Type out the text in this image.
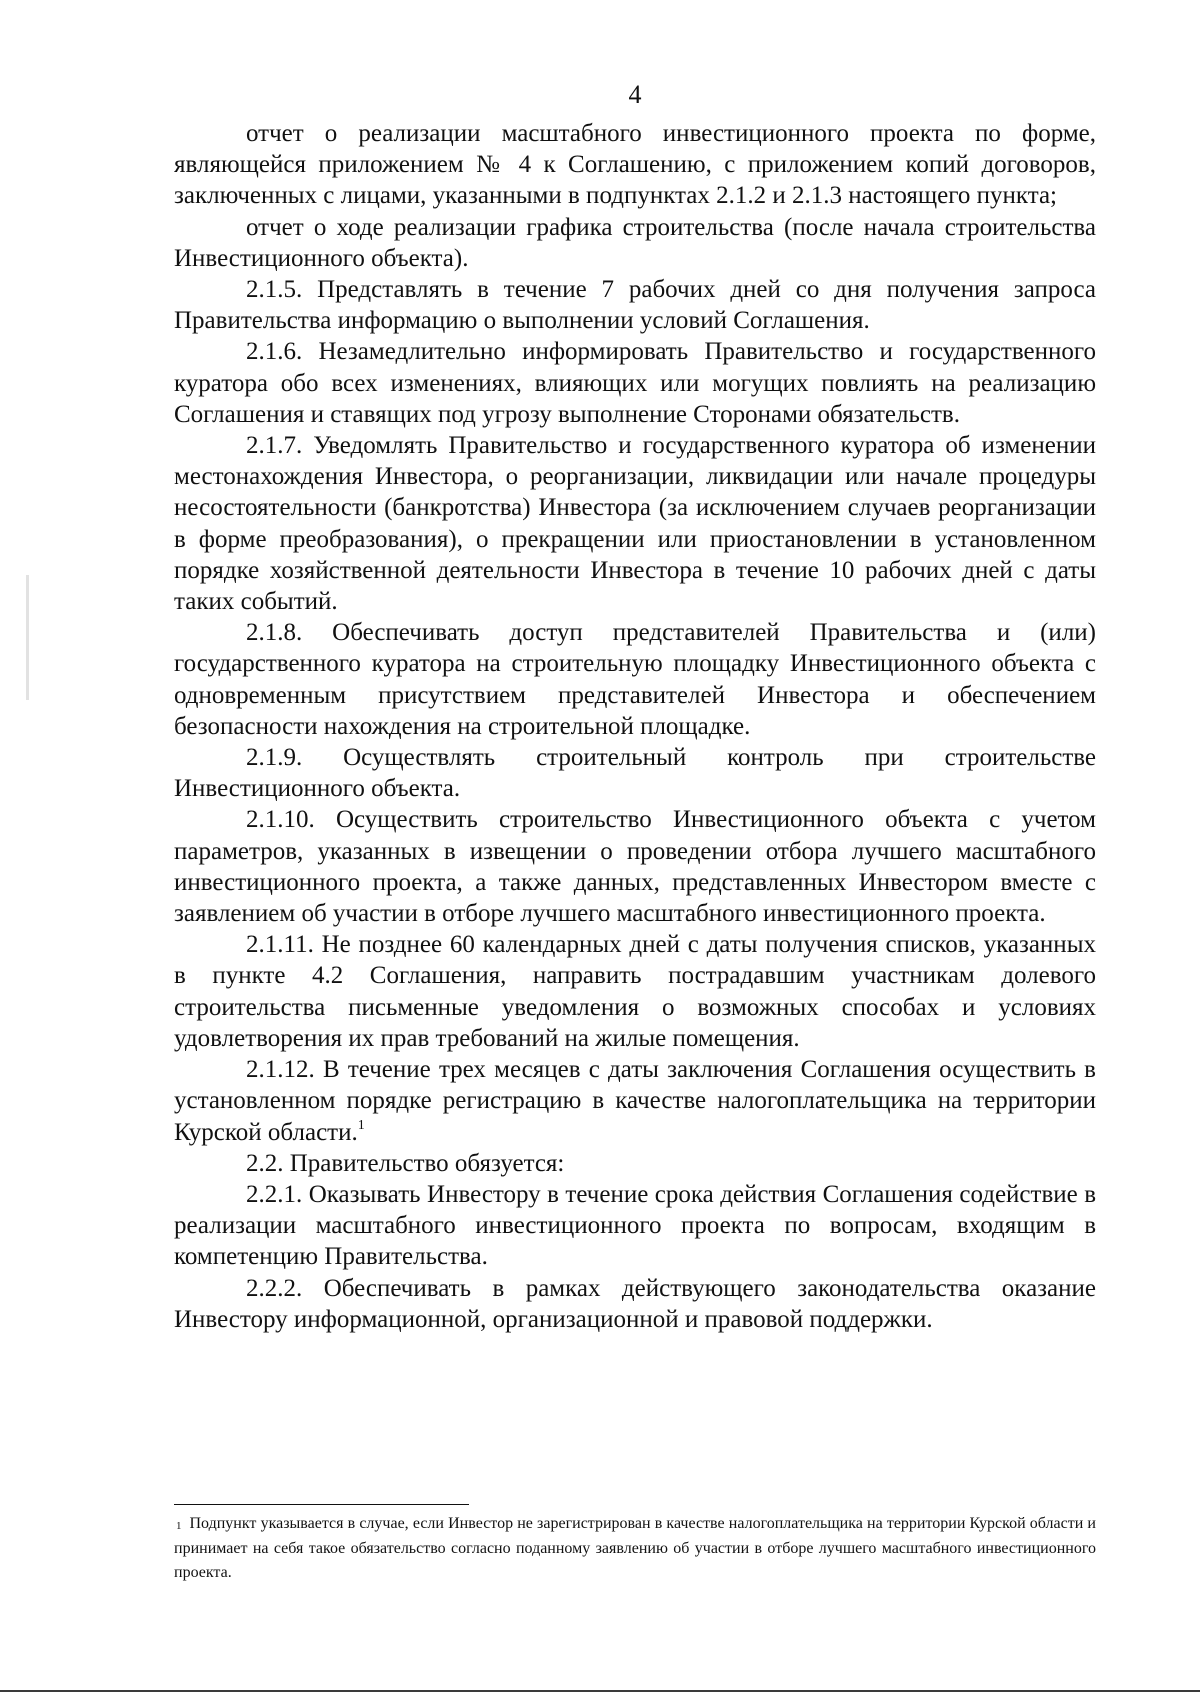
4

отчет о реализации масштабного инвестиционного проекта по форме, являющейся приложением № 4 к Соглашению, с приложением копий договоров, заключенных с лицами, указанными в подпунктах 2.1.2 и 2.1.3 настоящего пункта;

отчет о ходе реализации графика строительства (после начала строительства Инвестиционного объекта).

2.1.5. Представлять в течение 7 рабочих дней со дня получения запроса Правительства информацию о выполнении условий Соглашения.

2.1.6. Незамедлительно информировать Правительство и государственного куратора обо всех изменениях, влияющих или могущих повлиять на реализацию Соглашения и ставящих под угрозу выполнение Сторонами обязательств.

2.1.7. Уведомлять Правительство и государственного куратора об изменении местонахождения Инвестора, о реорганизации, ликвидации или начале процедуры несостоятельности (банкротства) Инвестора (за исключением случаев реорганизации в форме преобразования), о прекращении или приостановлении в установленном порядке хозяйственной деятельности Инвестора в течение 10 рабочих дней с даты таких событий.

2.1.8. Обеспечивать доступ представителей Правительства и (или) государственного куратора на строительную площадку Инвестиционного объекта с одновременным присутствием представителей Инвестора и обеспечением безопасности нахождения на строительной площадке.

2.1.9. Осуществлять строительный контроль при строительстве Инвестиционного объекта.

2.1.10. Осуществить строительство Инвестиционного объекта с учетом параметров, указанных в извещении о проведении отбора лучшего масштабного инвестиционного проекта, а также данных, представленных Инвестором вместе с заявлением об участии в отборе лучшего масштабного инвестиционного проекта.

2.1.11. Не позднее 60 календарных дней с даты получения списков, указанных в пункте 4.2 Соглашения, направить пострадавшим участникам долевого строительства письменные уведомления о возможных способах и условиях удовлетворения их прав требований на жилые помещения.

2.1.12. В течение трех месяцев с даты заключения Соглашения осуществить в установленном порядке регистрацию в качестве налогоплательщика на территории Курской области.$^1$

2.2. Правительство обязуется:

2.2.1. Оказывать Инвестору в течение срока действия Соглашения содействие в реализации масштабного инвестиционного проекта по вопросам, входящим в компетенцию Правительства.

2.2.2. Обеспечивать в рамках действующего законодательства оказание Инвестору информационной, организационной и правовой поддержки.

$^1$ Подпункт указывается в случае, если Инвестор не зарегистрирован в качестве налогоплательщика на территории Курской области и принимает на себя такое обязательство согласно поданному заявлению об участии в отборе лучшего масштабного инвестиционного проекта.
